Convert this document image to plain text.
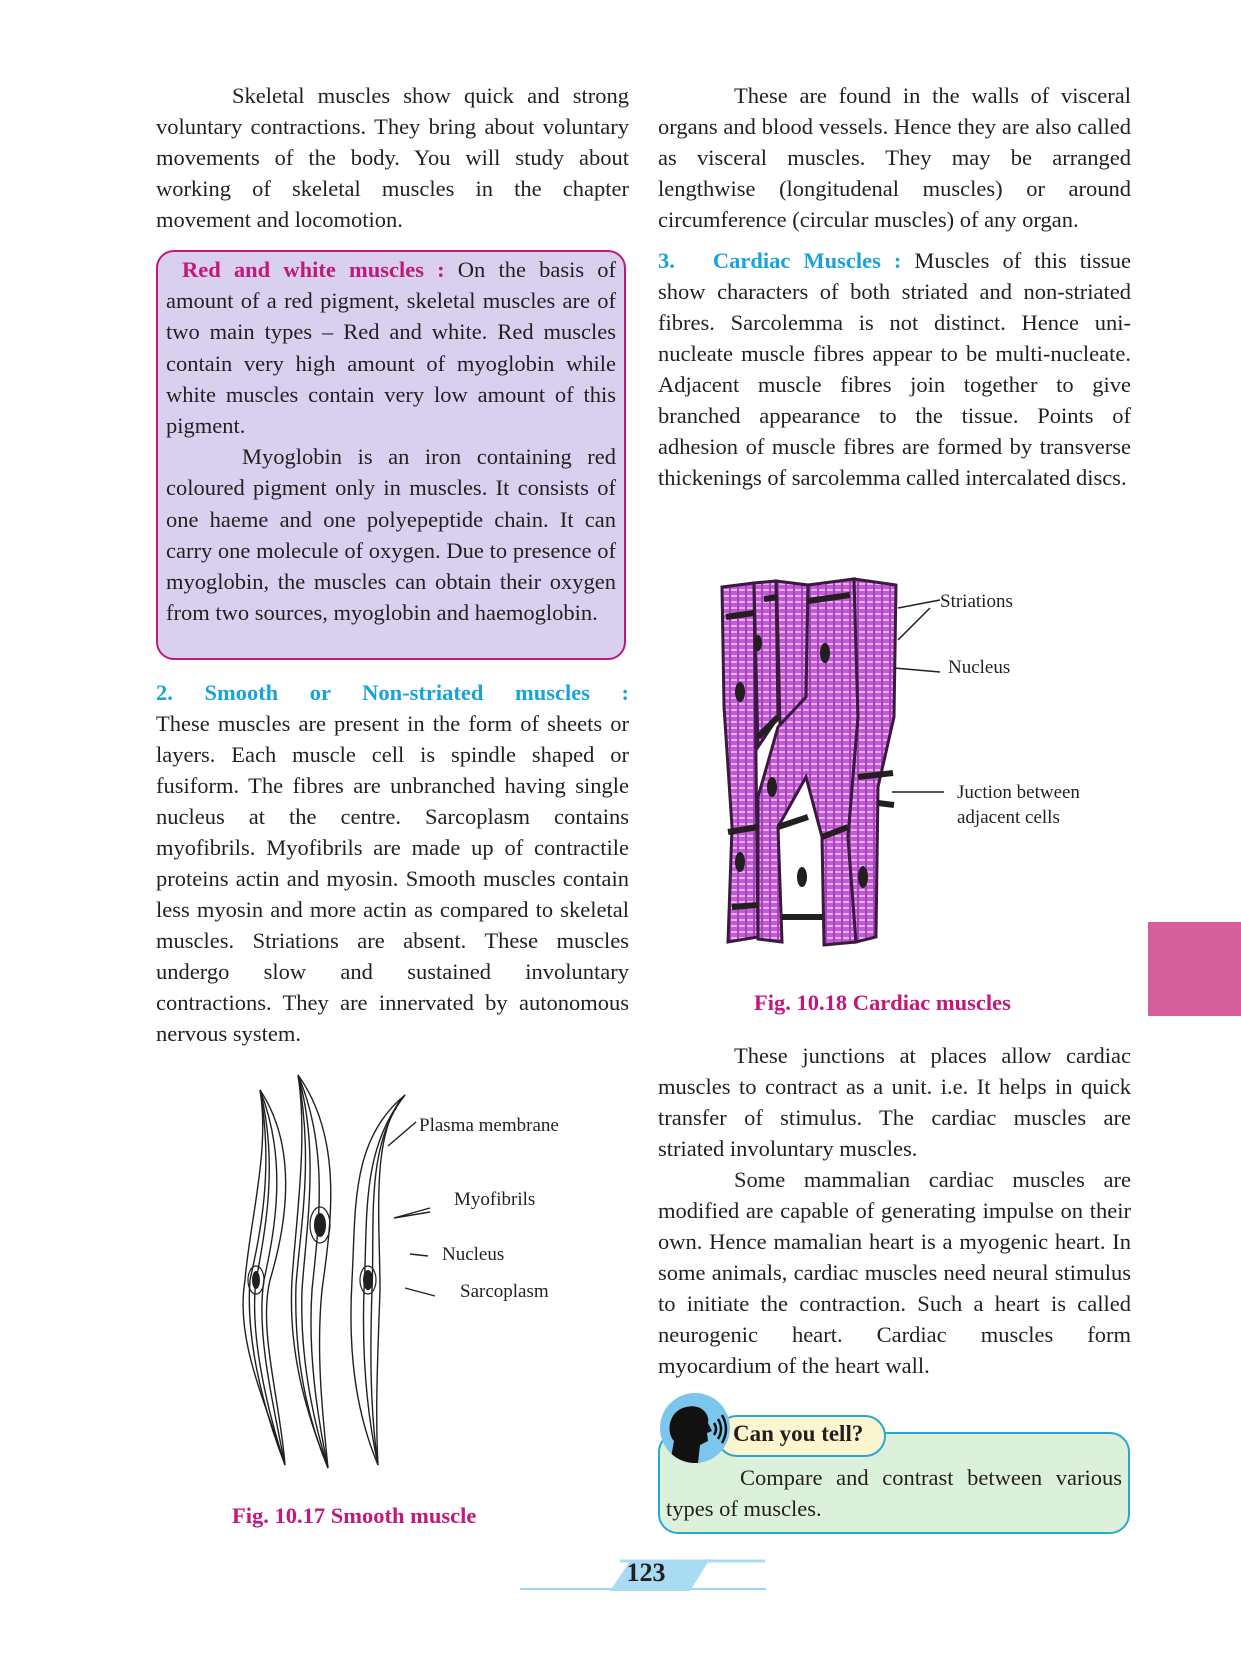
Skeletal muscles show quick and strong voluntary contractions. They bring about voluntary movements of the body. You will study about working of skeletal muscles in the chapter movement and locomotion.

Red and white muscles : On the basis of amount of a red pigment, skeletal muscles are of two main types – Red and white. Red muscles contain very high amount of myoglobin while white muscles contain very low amount of this pigment.

Myoglobin is an iron containing red coloured pigment only in muscles. It consists of one haeme and one polyepeptide chain. It can carry one molecule of oxygen. Due to presence of myoglobin, the muscles can obtain their oxygen from two sources, myoglobin and haemoglobin.

2. Smooth or Non-striated muscles :

These muscles are present in the form of sheets or layers. Each muscle cell is spindle shaped or fusiform. The fibres are unbranched having single nucleus at the centre. Sarcoplasm contains myofibrils. Myofibrils are made up of contractile proteins actin and myosin. Smooth muscles contain less myosin and more actin as compared to skeletal muscles. Striations are absent. These muscles undergo slow and sustained involuntary contractions. They are innervated by autonomous nervous system.

Plasma membrane
Myofibrils
Nucleus
Sarcoplasm
Fig. 10.17 Smooth muscle

These are found in the walls of visceral organs and blood vessels. Hence they are also called as visceral muscles. They may be arranged lengthwise (longitudenal muscles) or around circumference (circular muscles) of any organ.

3. Cardiac Muscles : Muscles of this tissue show characters of both striated and non-striated fibres. Sarcolemma is not distinct. Hence uni-nucleate muscle fibres appear to be multi-nucleate. Adjacent muscle fibres join together to give branched appearance to the tissue. Points of adhesion of muscle fibres are formed by transverse thickenings of sarcolemma called intercalated discs.

Striations
Nucleus
Juction between
adjacent cells
Fig. 10.18 Cardiac muscles

These junctions at places allow cardiac muscles to contract as a unit. i.e. It helps in quick transfer of stimulus. The cardiac muscles are striated involuntary muscles.

Some mammalian cardiac muscles are modified are capable of generating impulse on their own. Hence mamalian heart is a myogenic heart. In some animals, cardiac muscles need neural stimulus to initiate the contraction. Such a heart is called neurogenic heart. Cardiac muscles form myocardium of the heart wall.

Can you tell?

Compare and contrast between various types of muscles.

123
